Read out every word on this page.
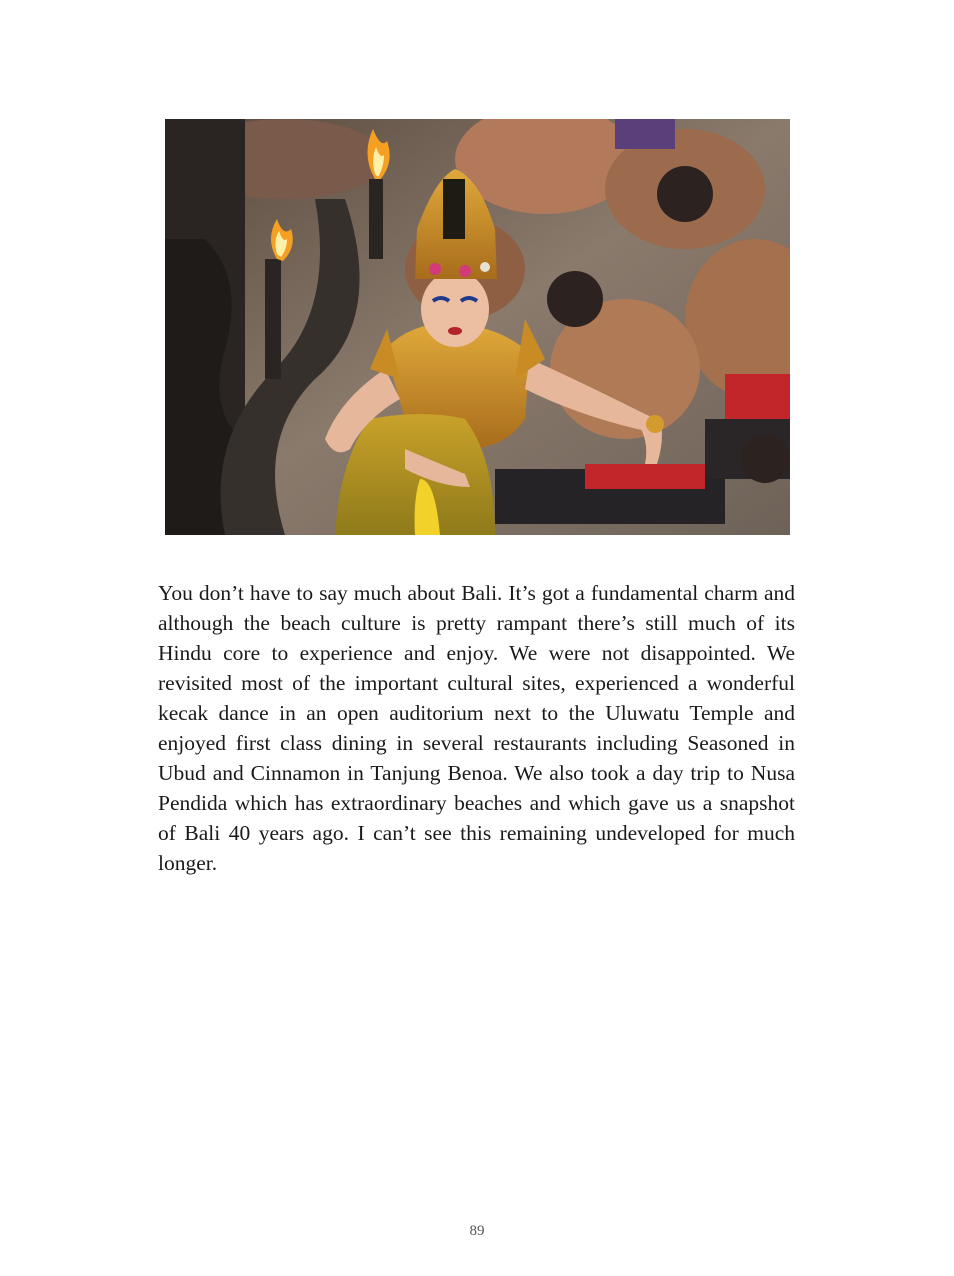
You don’t have to say much about Bali. It’s got a fundamental charm and although the beach culture is pretty rampant there’s still much of its Hindu core to experience and enjoy. We were not disappointed. We revisited most of the important cultural sites, experienced a wonderful kecak dance in an open auditorium next to the Uluwatu Temple and enjoyed first class dining in several restaurants including Seasoned in Ubud and Cinnamon in Tanjung Benoa. We also took a day trip to Nusa Pendida which has extraordinary beaches and which gave us a snapshot of Bali 40 years ago. I can’t see this remaining undeveloped for much longer.

89
